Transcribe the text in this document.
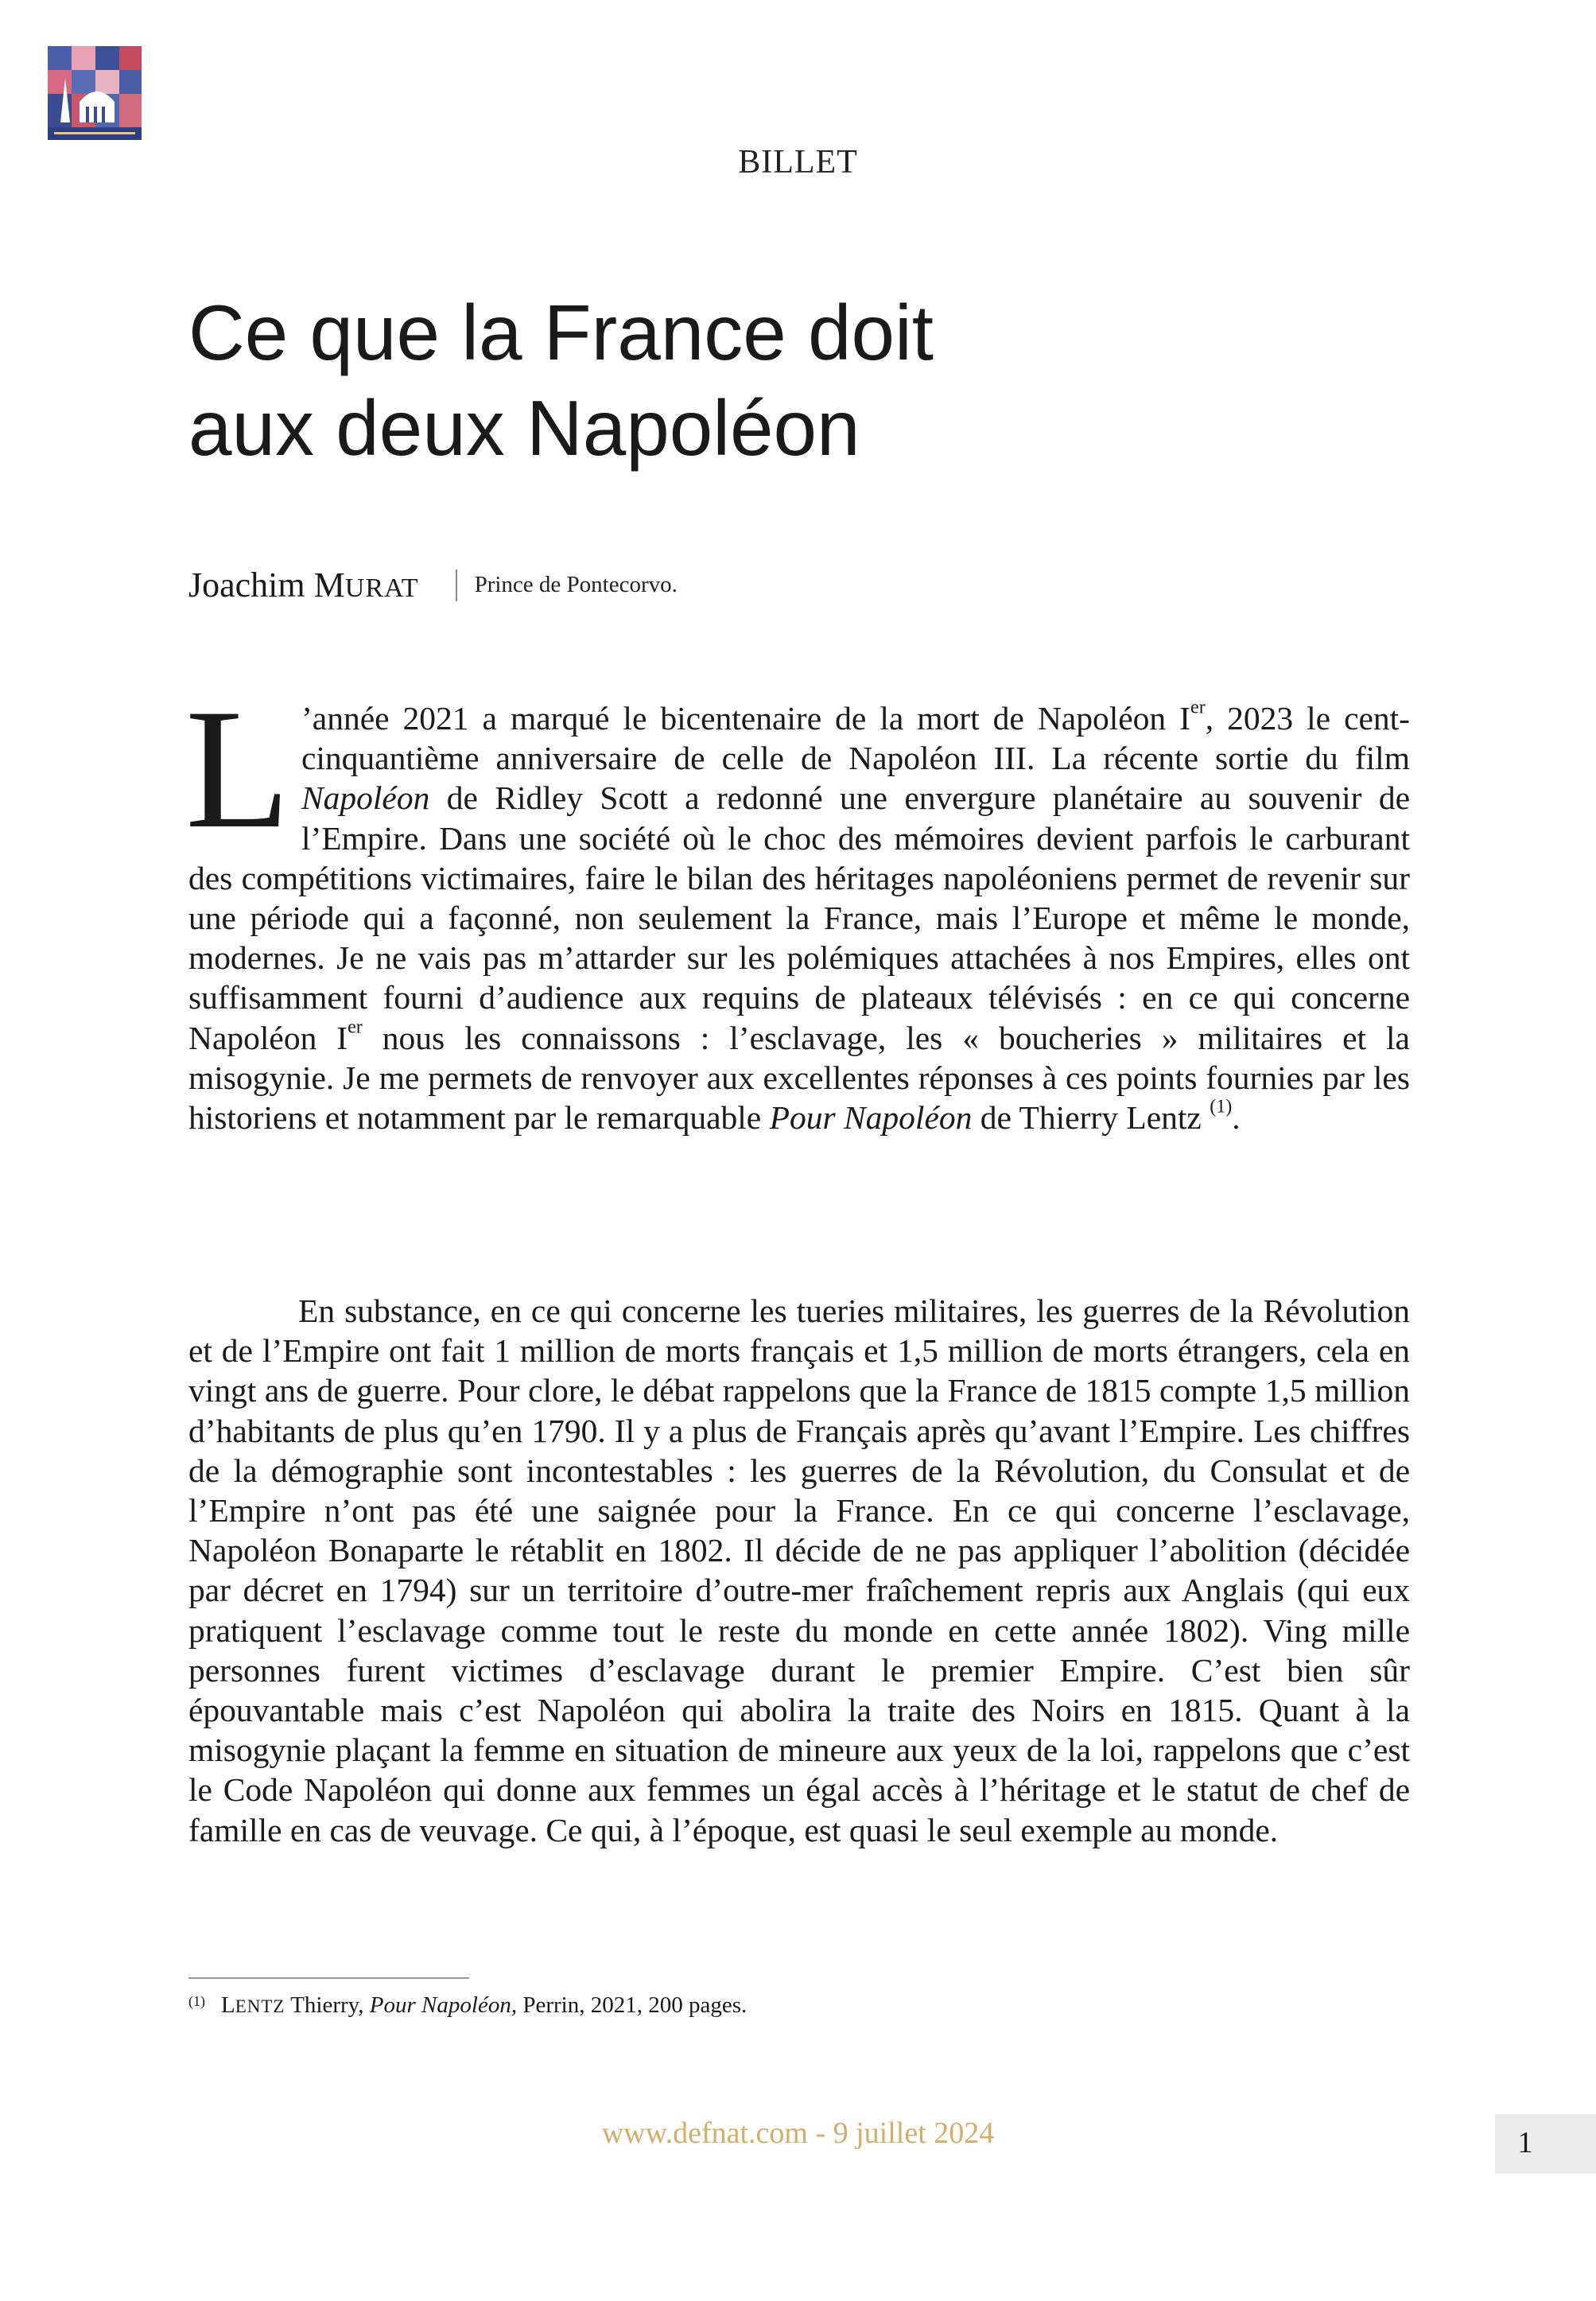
BILLET
Ce que la France doit
aux deux Napoléon
Joachim MURAT Prince de Pontecorvo.
L ’année 2021 a marqué le bicentenaire de la mort de Napoléon Ier, 2023 le cent-cinquantième anniversaire de celle de Napoléon III. La récente sortie du film Napoléon de Ridley Scott a redonné une envergure planétaire au souvenir de l’Empire. Dans une société où le choc des mémoires devient parfois le carburant des compétitions victimaires, faire le bilan des héritages napoléoniens permet de revenir sur une période qui a façonné, non seulement la France, mais l’Europe et même le monde, modernes. Je ne vais pas m’attarder sur les polémiques attachées à nos Empires, elles ont suffisamment fourni d’audience aux requins de plateaux télévisés : en ce qui concerne Napoléon Ier nous les connaissons : l’esclavage, les « boucheries » militaires et la misogynie. Je me permets de renvoyer aux excellentes réponses à ces points fournies par les historiens et notamment par le remarquable Pour Napoléon de Thierry Lentz $^{(1)}$.
En substance, en ce qui concerne les tueries militaires, les guerres de la Révolution et de l’Empire ont fait 1 million de morts français et 1,5 million de morts étrangers, cela en vingt ans de guerre. Pour clore, le débat rappelons que la France de 1815 compte 1,5 million d’habitants de plus qu’en 1790. Il y a plus de Français après qu’avant l’Empire. Les chiffres de la démographie sont incontestables : les guerres de la Révolution, du Consulat et de l’Empire n’ont pas été une saignée pour la France. En ce qui concerne l’esclavage, Napoléon Bonaparte le rétablit en 1802. Il décide de ne pas appliquer l’abolition (décidée par décret en 1794) sur un territoire d’outre-mer fraîchement repris aux Anglais (qui eux pratiquent l’esclavage comme tout le reste du monde en cette année 1802). Ving mille personnes furent victimes d’esclavage durant le premier Empire. C’est bien sûr épouvantable mais c’est Napoléon qui abolira la traite des Noirs en 1815. Quant à la misogynie plaçant la femme en situation de mineure aux yeux de la loi, rappelons que c’est le Code Napoléon qui donne aux femmes un égal accès à l’héritage et le statut de chef de famille en cas de veuvage. Ce qui, à l’époque, est quasi le seul exemple au monde.
$^{(1)}$ LENTZ Thierry, Pour Napoléon, Perrin, 2021, 200 pages.
www.defnat.com - 9 juillet 2024	1
